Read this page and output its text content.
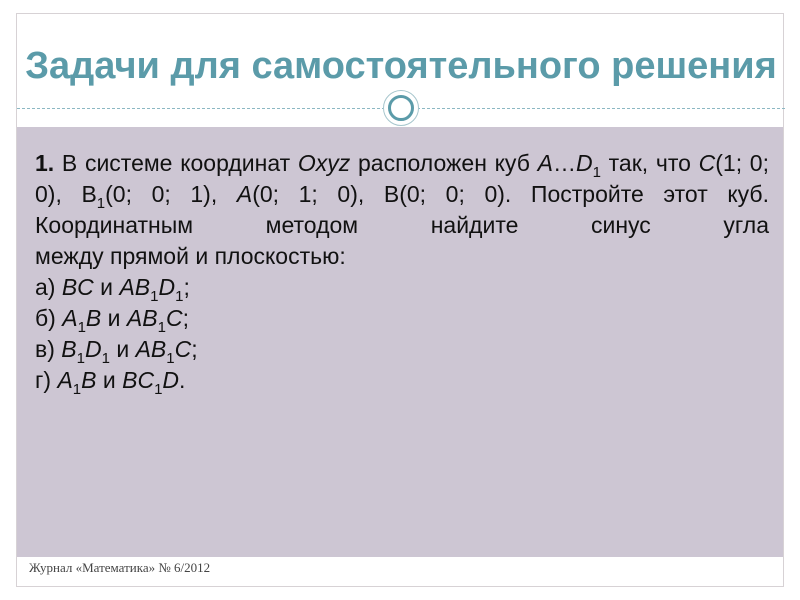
Задачи для самостоятельного решения

1. В системе координат Oxyz расположен куб $A\dots D_1$ так, что C(1; 0; 0), $B_1(0$; 0; 1), A(0; 1; 0), B(0; 0; 0). Постройте этот куб. Координатным методом найдите синус угла
между прямой и плоскостью:

а) BC и $AB_1D_1$;

б) $A_1B$ и $AB_1C$;

в) $B_1D_1$ и $AB_1C$;

г) $A_1B$ и $BC_1D$.

Журнал «Математика» № 6/2012
